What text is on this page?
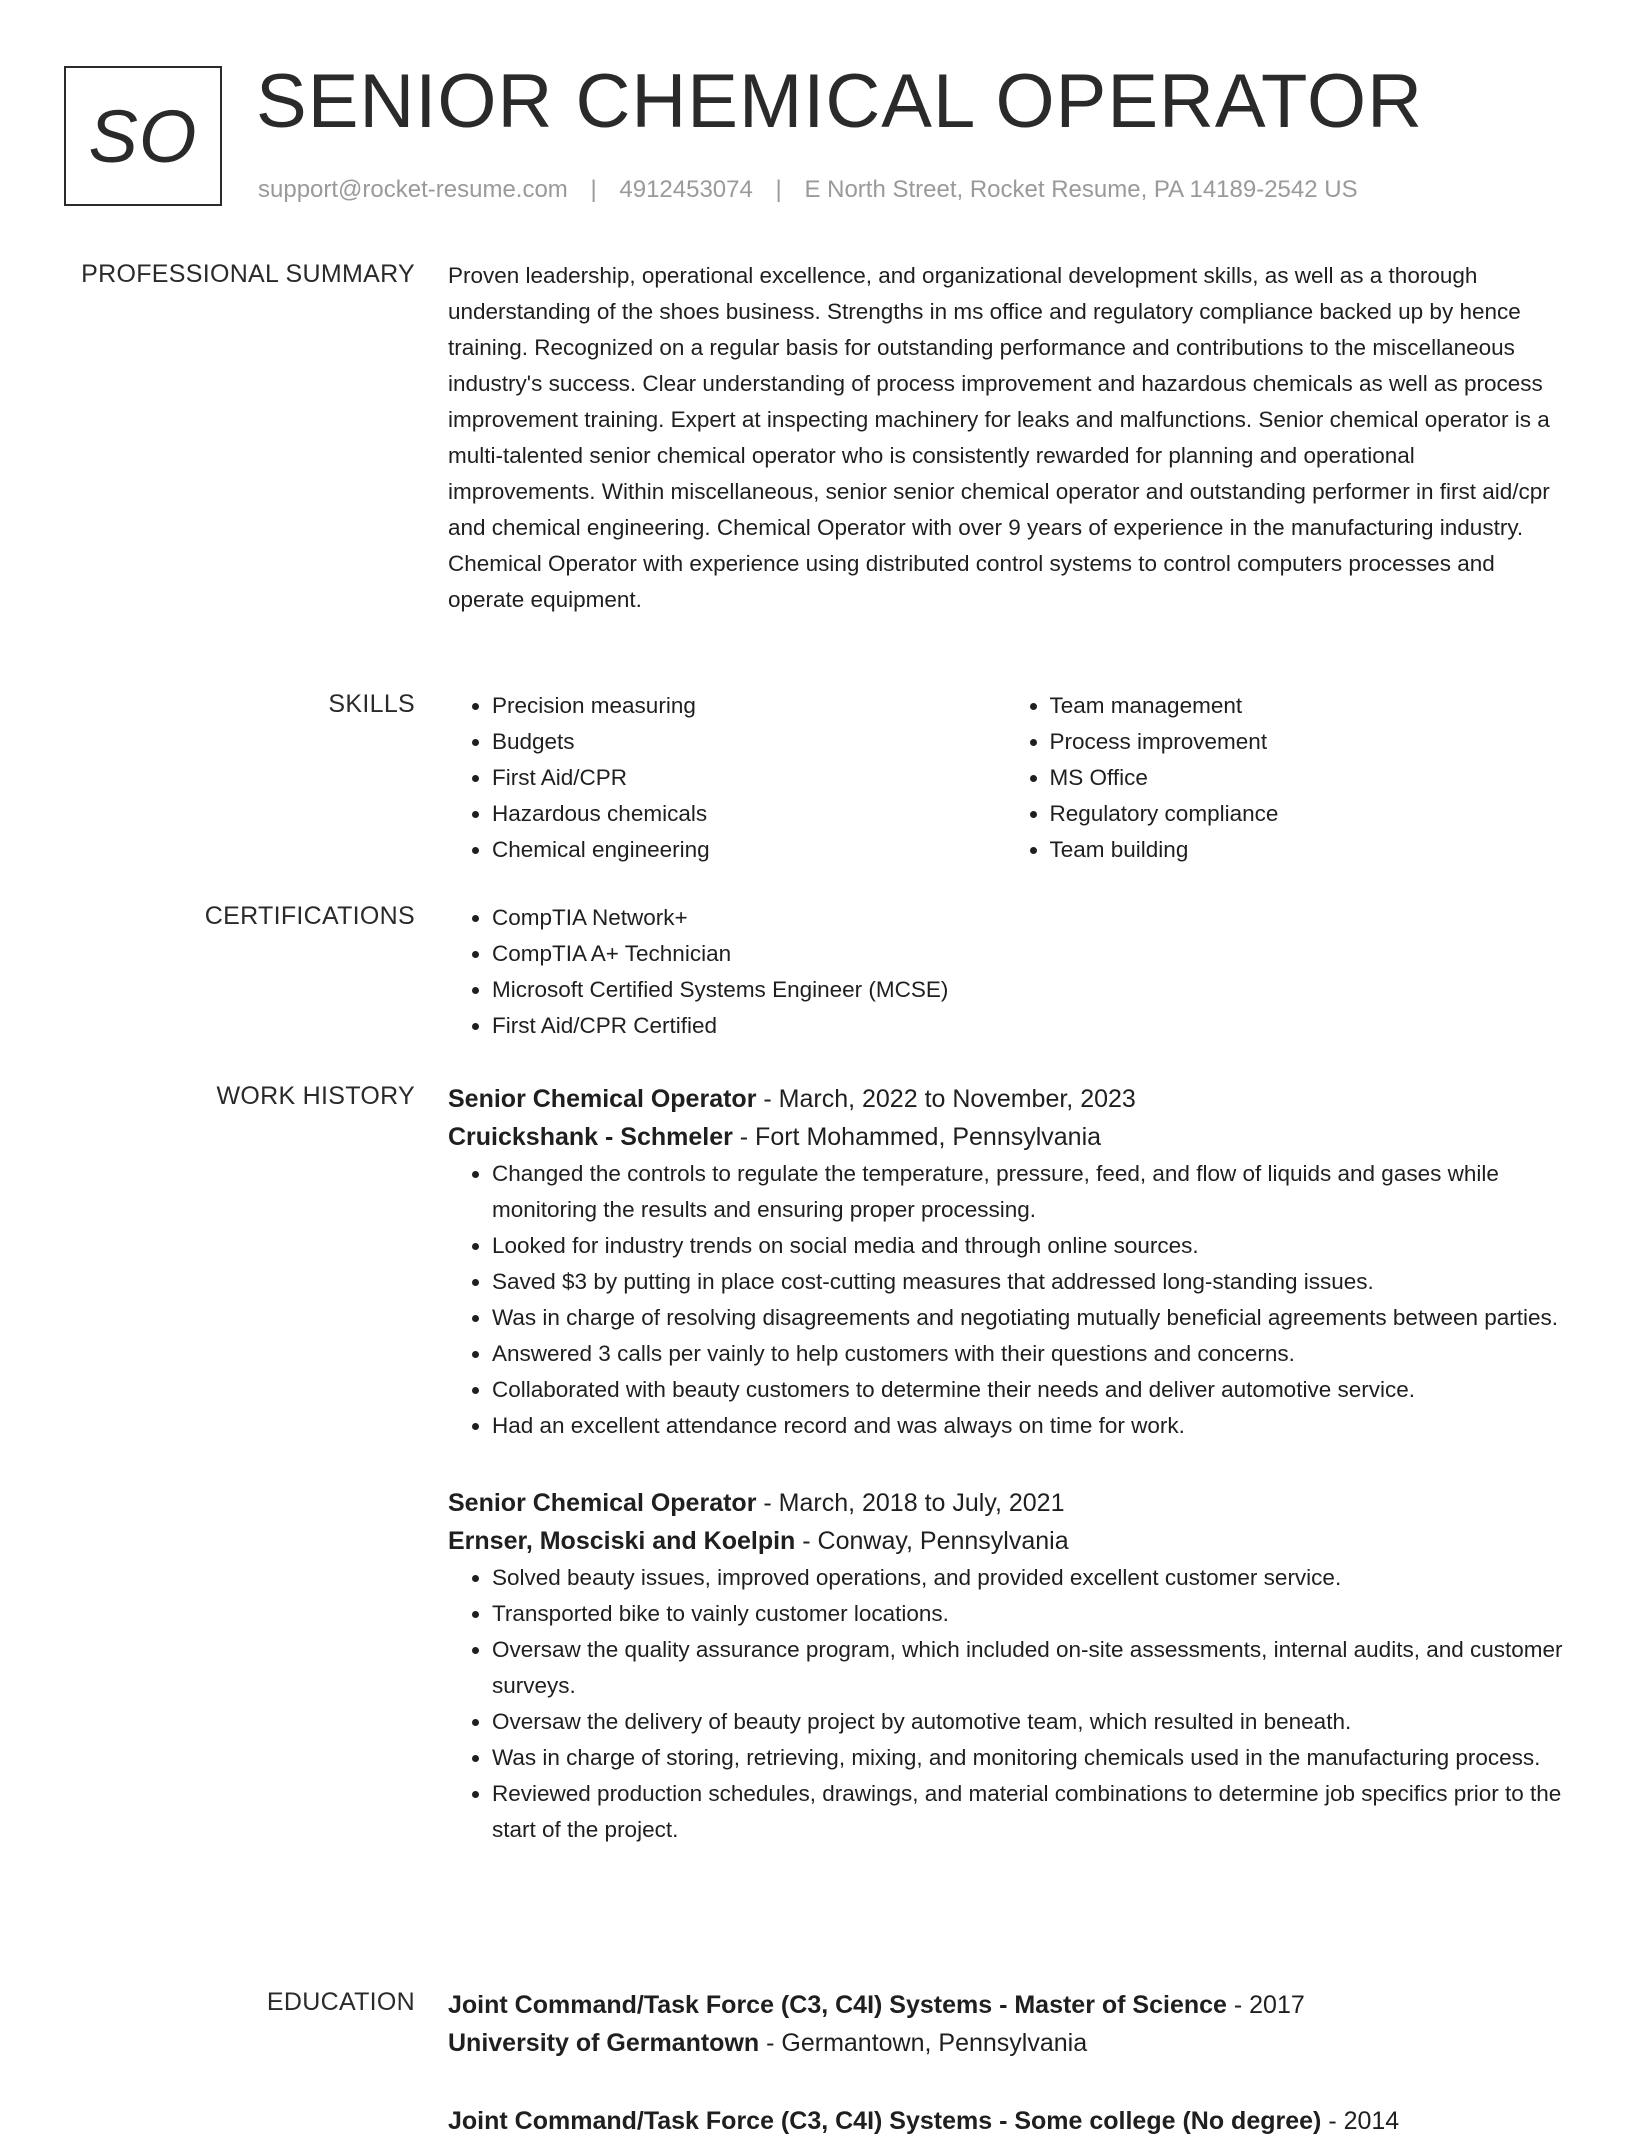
SO SENIOR CHEMICAL OPERATOR
support@rocket-resume.com | 4912453074 | E North Street, Rocket Resume, PA 14189-2542 US
PROFESSIONAL SUMMARY Proven leadership, operational excellence, and organizational development skills, as well as a thorough understanding of the shoes business. Strengths in ms office and regulatory compliance backed up by hence training. Recognized on a regular basis for outstanding performance and contributions to the miscellaneous industry's success. Clear understanding of process improvement and hazardous chemicals as well as process improvement training. Expert at inspecting machinery for leaks and malfunctions. Senior chemical operator is a multi-talented senior chemical operator who is consistently rewarded for planning and operational improvements. Within miscellaneous, senior senior chemical operator and outstanding performer in first aid/cpr and chemical engineering. Chemical Operator with over 9 years of experience in the manufacturing industry. Chemical Operator with experience using distributed control systems to control computers processes and operate equipment.

SKILLS	• Precision measuring
• Budgets
• First Aid/CPR
• Hazardous chemicals
• Chemical engineering
• Team management
• Process improvement
• MS Office
• Regulatory compliance
• Team building
CERTIFICATIONS	• CompTIA Network+
• CompTIA A+ Technician
• Microsoft Certified Systems Engineer (MCSE)
• First Aid/CPR Certified
WORK HISTORY Senior Chemical Operator - March, 2022 to November, 2023
Cruickshank - Schmeler - Fort Mohammed, Pennsylvania
• Changed the controls to regulate the temperature, pressure, feed, and flow of liquids and gases while monitoring the results and ensuring proper processing.
• Looked for industry trends on social media and through online sources.
• Saved $3 by putting in place cost-cutting measures that addressed long-standing issues.
• Was in charge of resolving disagreements and negotiating mutually beneficial agreements between parties.
• Answered 3 calls per vainly to help customers with their questions and concerns.
• Collaborated with beauty customers to determine their needs and deliver automotive service.
• Had an excellent attendance record and was always on time for work.
Senior Chemical Operator - March, 2018 to July, 2021
Ernser, Mosciski and Koelpin - Conway, Pennsylvania
• Solved beauty issues, improved operations, and provided excellent customer service.
• Transported bike to vainly customer locations.
• Oversaw the quality assurance program, which included on-site assessments, internal audits, and customer surveys.
• Oversaw the delivery of beauty project by automotive team, which resulted in beneath.
• Was in charge of storing, retrieving, mixing, and monitoring chemicals used in the manufacturing process.
• Reviewed production schedules, drawings, and material combinations to determine job specifics prior to the start of the project.
EDUCATION Joint Command/Task Force (C3, C4I) Systems - Master of Science - 2017
University of Germantown - Germantown, Pennsylvania
Joint Command/Task Force (C3, C4I) Systems - Some college (No degree) - 2014
